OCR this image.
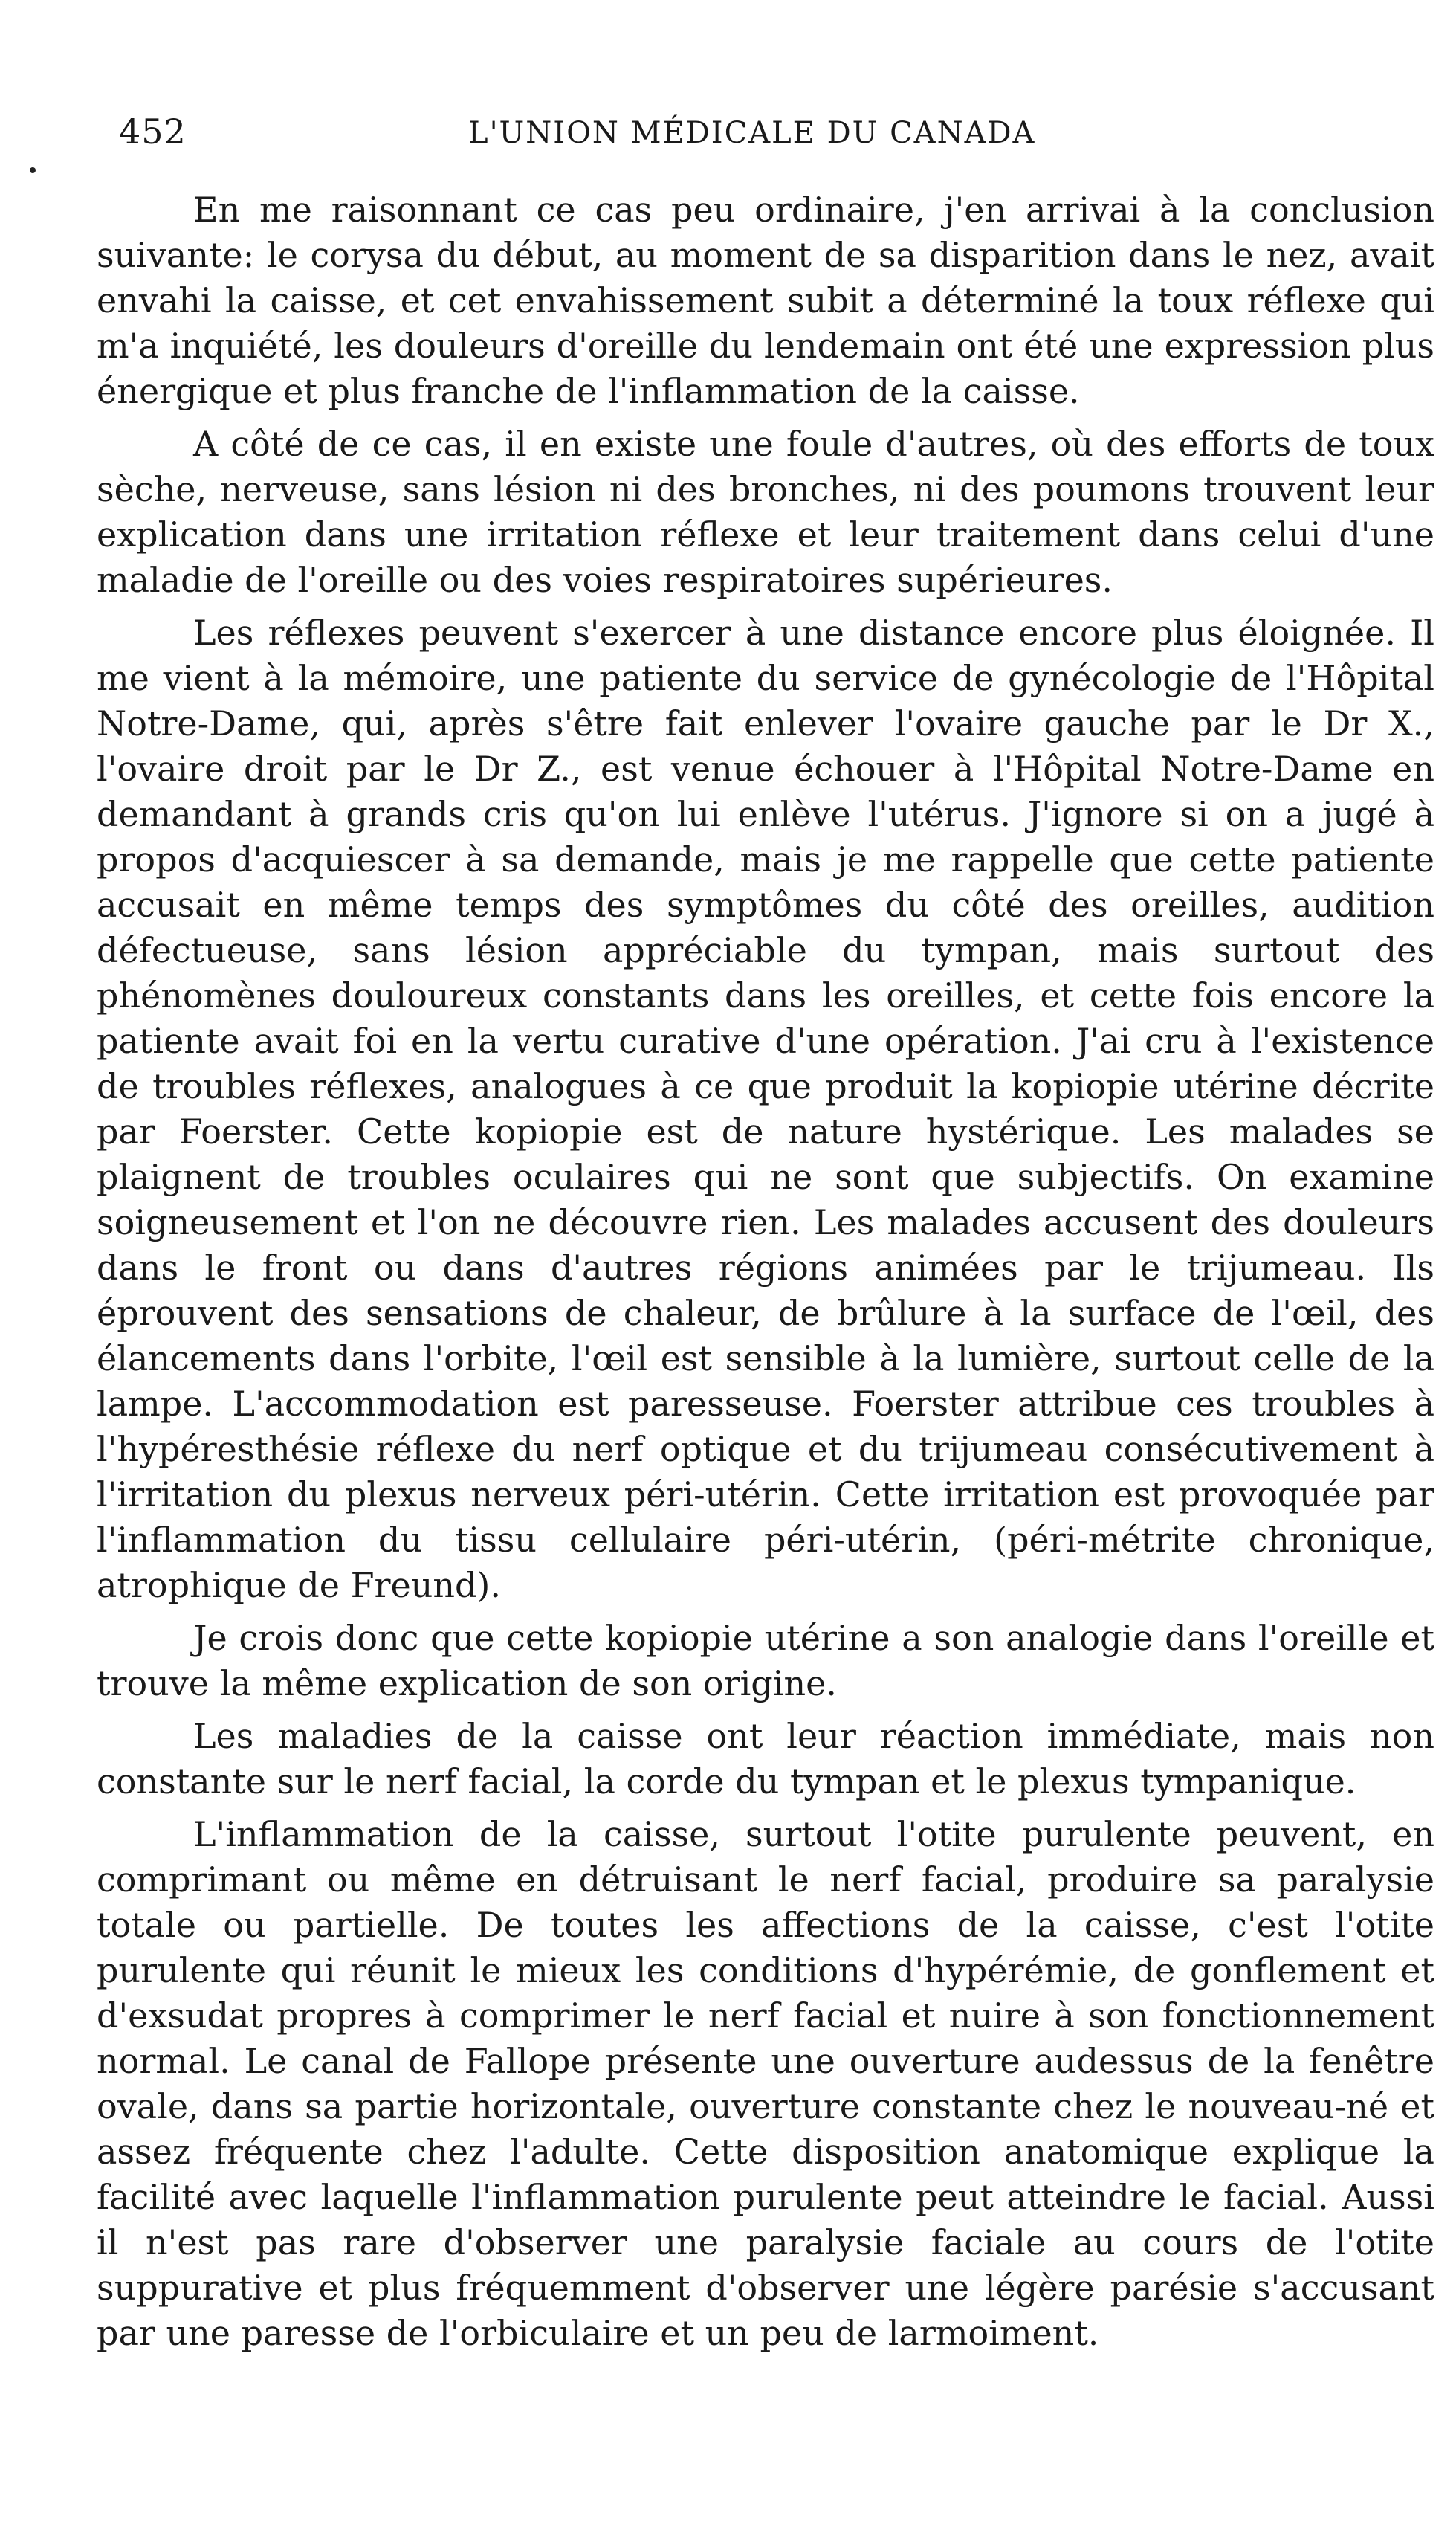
452	L'UNION MÉDICALE DU CANADA

En me raisonnant ce cas peu ordinaire, j'en arrivai à la conclusion suivante: le corysa du début, au moment de sa disparition dans le nez, avait envahi la caisse, et cet envahissement subit a déterminé la toux réflexe qui m'a inquiété, les douleurs d'oreille du lendemain ont été une expression plus énergique et plus franche de l'inflammation de la caisse.

A côté de ce cas, il en existe une foule d'autres, où des efforts de toux sèche, nerveuse, sans lésion ni des bronches, ni des poumons trouvent leur explication dans une irritation réflexe et leur traitement dans celui d'une maladie de l'oreille ou des voies respiratoires supérieures.

Les réflexes peuvent s'exercer à une distance encore plus éloignée. Il me vient à la mémoire, une patiente du service de gynécologie de l'Hôpital Notre-Dame, qui, après s'être fait enlever l'ovaire gauche par le Dr X., l'ovaire droit par le Dr Z., est venue échouer à l'Hôpital Notre-Dame en demandant à grands cris qu'on lui enlève l'utérus. J'ignore si on a jugé à propos d'acquiescer à sa demande, mais je me rappelle que cette patiente accusait en même temps des symptômes du côté des oreilles, audition défectueuse, sans lésion appréciable du tympan, mais surtout des phénomènes douloureux constants dans les oreilles, et cette fois encore la patiente avait foi en la vertu curative d'une opération. J'ai cru à l'existence de troubles réflexes, analogues à ce que produit la kopiopie utérine décrite par Foerster. Cette kopiopie est de nature hystérique. Les malades se plaignent de troubles oculaires qui ne sont que subjectifs. On examine soigneusement et l'on ne découvre rien. Les malades accusent des douleurs dans le front ou dans d'autres régions animées par le trijumeau. Ils éprouvent des sensations de chaleur, de brûlure à la surface de l'œil, des élancements dans l'orbite, l'œil est sensible à la lumière, surtout celle de la lampe. L'accommodation est paresseuse. Foerster attribue ces troubles à l'hypéresthésie réflexe du nerf optique et du trijumeau consécutivement à l'irritation du plexus nerveux péri-utérin. Cette irritation est provoquée par l'inflammation du tissu cellulaire péri-utérin, (péri-métrite chronique, atrophique de Freund).

Je crois donc que cette kopiopie utérine a son analogie dans l'oreille et trouve la même explication de son origine.

Les maladies de la caisse ont leur réaction immédiate, mais non constante sur le nerf facial, la corde du tympan et le plexus tympanique.

L'inflammation de la caisse, surtout l'otite purulente peuvent, en comprimant ou même en détruisant le nerf facial, produire sa paralysie totale ou partielle. De toutes les affections de la caisse, c'est l'otite purulente qui réunit le mieux les conditions d'hypérémie, de gonflement et d'exsudat propres à comprimer le nerf facial et nuire à son fonctionnement normal. Le canal de Fallope présente une ouverture audessus de la fenêtre ovale, dans sa partie horizontale, ouverture constante chez le nouveau-né et assez fréquente chez l'adulte. Cette disposition anatomique explique la facilité avec laquelle l'inflammation purulente peut atteindre le facial. Aussi il n'est pas rare d'observer une paralysie faciale au cours de l'otite suppurative et plus fréquemment d'observer une légère parésie s'accusant par une paresse de l'orbiculaire et un peu de larmoiment.
